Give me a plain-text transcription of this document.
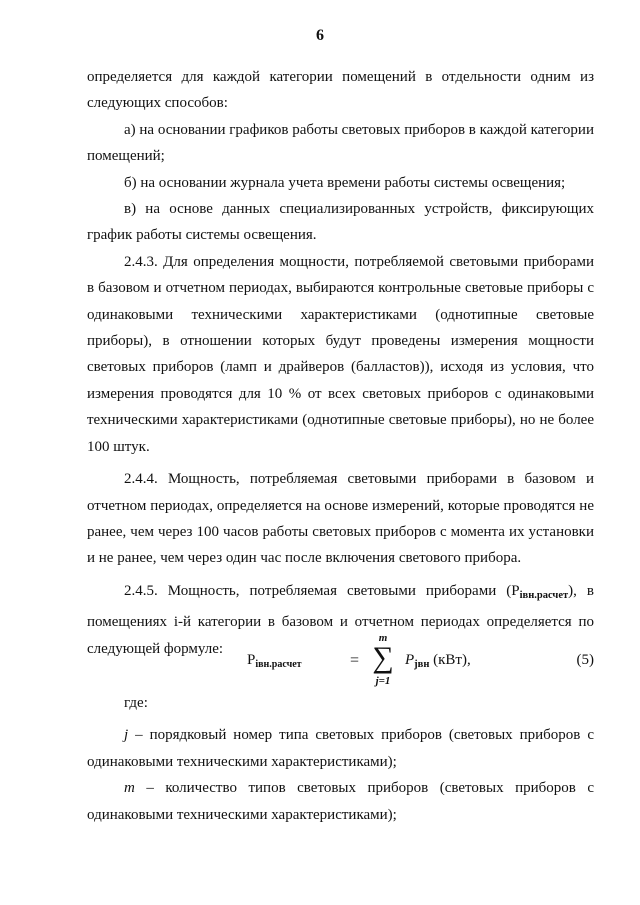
6

определяется для каждой категории помещений в отдельности одним из следующих способов:

а) на основании графиков работы световых приборов в каждой категории помещений;

б) на основании журнала учета времени работы системы освещения;

в) на основе данных специализированных устройств, фиксирующих график работы системы освещения.

2.4.3. Для определения мощности, потребляемой световыми приборами в базовом и отчетном периодах, выбираются контрольные световые приборы с одинаковыми техническими характеристиками (однотипные световые приборы), в отношении которых будут проведены измерения мощности световых приборов (ламп и драйверов (балластов)), исходя из условия, что измерения проводятся для 10 % от всех световых приборов с одинаковыми техническими характеристиками (однотипные световые приборы), но не более 100 штук.

2.4.4. Мощность, потребляемая световыми приборами в базовом и отчетном периодах, определяется на основе измерений, которые проводятся не ранее, чем через 100 часов работы световых приборов с момента их установки и не ранее, чем через один час после включения светового прибора.

2.4.5. Мощность, потребляемая световыми приборами $(P_{iвн.расчет})$, в помещениях i-й категории в базовом и отчетном периодах определяется по следующей формуле:

$P_{iвн.расчет}$	=
m
∑
j=1
$P_{jвн}$ (кВт),	(5)

где:

j – порядковый номер типа световых приборов (световых приборов с одинаковыми техническими характеристиками);

m – количество типов световых приборов (световых приборов с одинаковыми техническими характеристиками);
